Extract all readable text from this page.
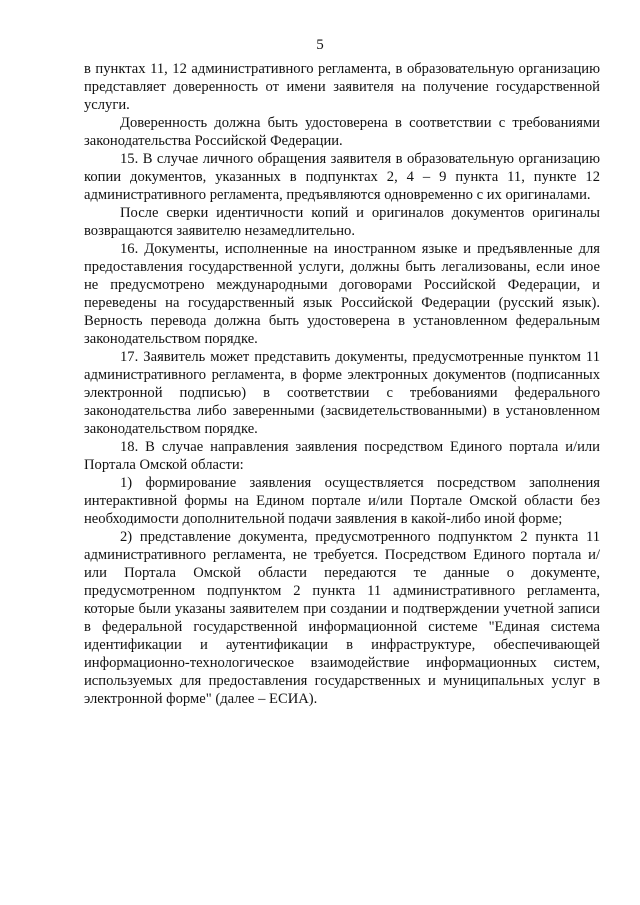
5

в пунктах 11, 12 административного регламента, в образовательную организацию представляет доверенность от имени заявителя на получение государственной услуги.

Доверенность должна быть удостоверена в соответствии с требованиями законодательства Российской Федерации.

15. В случае личного обращения заявителя в образовательную организацию копии документов, указанных в подпунктах 2, 4 – 9 пункта 11, пункте 12 административного регламента, предъявляются одновременно с их оригиналами.

После сверки идентичности копий и оригиналов документов оригиналы возвращаются заявителю незамедлительно.

16. Документы, исполненные на иностранном языке и предъявленные для предоставления государственной услуги, должны быть легализованы, если иное не предусмотрено международными договорами Российской Федерации, и переведены на государственный язык Российской Федерации (русский язык). Верность перевода должна быть удостоверена в установленном федеральным законодательством порядке.

17. Заявитель может представить документы, предусмотренные пунктом 11 административного регламента, в форме электронных документов (подписанных электронной подписью) в соответствии с требованиями федерального законодательства либо заверенными (засвидетельствованными) в установленном законодательством порядке.

18. В случае направления заявления посредством Единого портала и/или Портала Омской области:

1) формирование заявления осуществляется посредством заполнения интерактивной формы на Едином портале и/или Портале Омской области без необходимости дополнительной подачи заявления в какой-либо иной форме;

2) представление документа, предусмотренного подпунктом 2 пункта 11 административного регламента, не требуется. Посредством Единого портала и/или Портала Омской области передаются те данные о документе, предусмотренном подпунктом 2 пункта 11 административного регламента, которые были указаны заявителем при создании и подтверждении учетной записи в федеральной государственной информационной системе "Единая система идентификации и аутентификации в инфраструктуре, обеспечивающей информационно-технологическое взаимодействие информационных систем, используемых для предоставления государственных и муниципальных услуг в электронной форме" (далее – ЕСИА).
